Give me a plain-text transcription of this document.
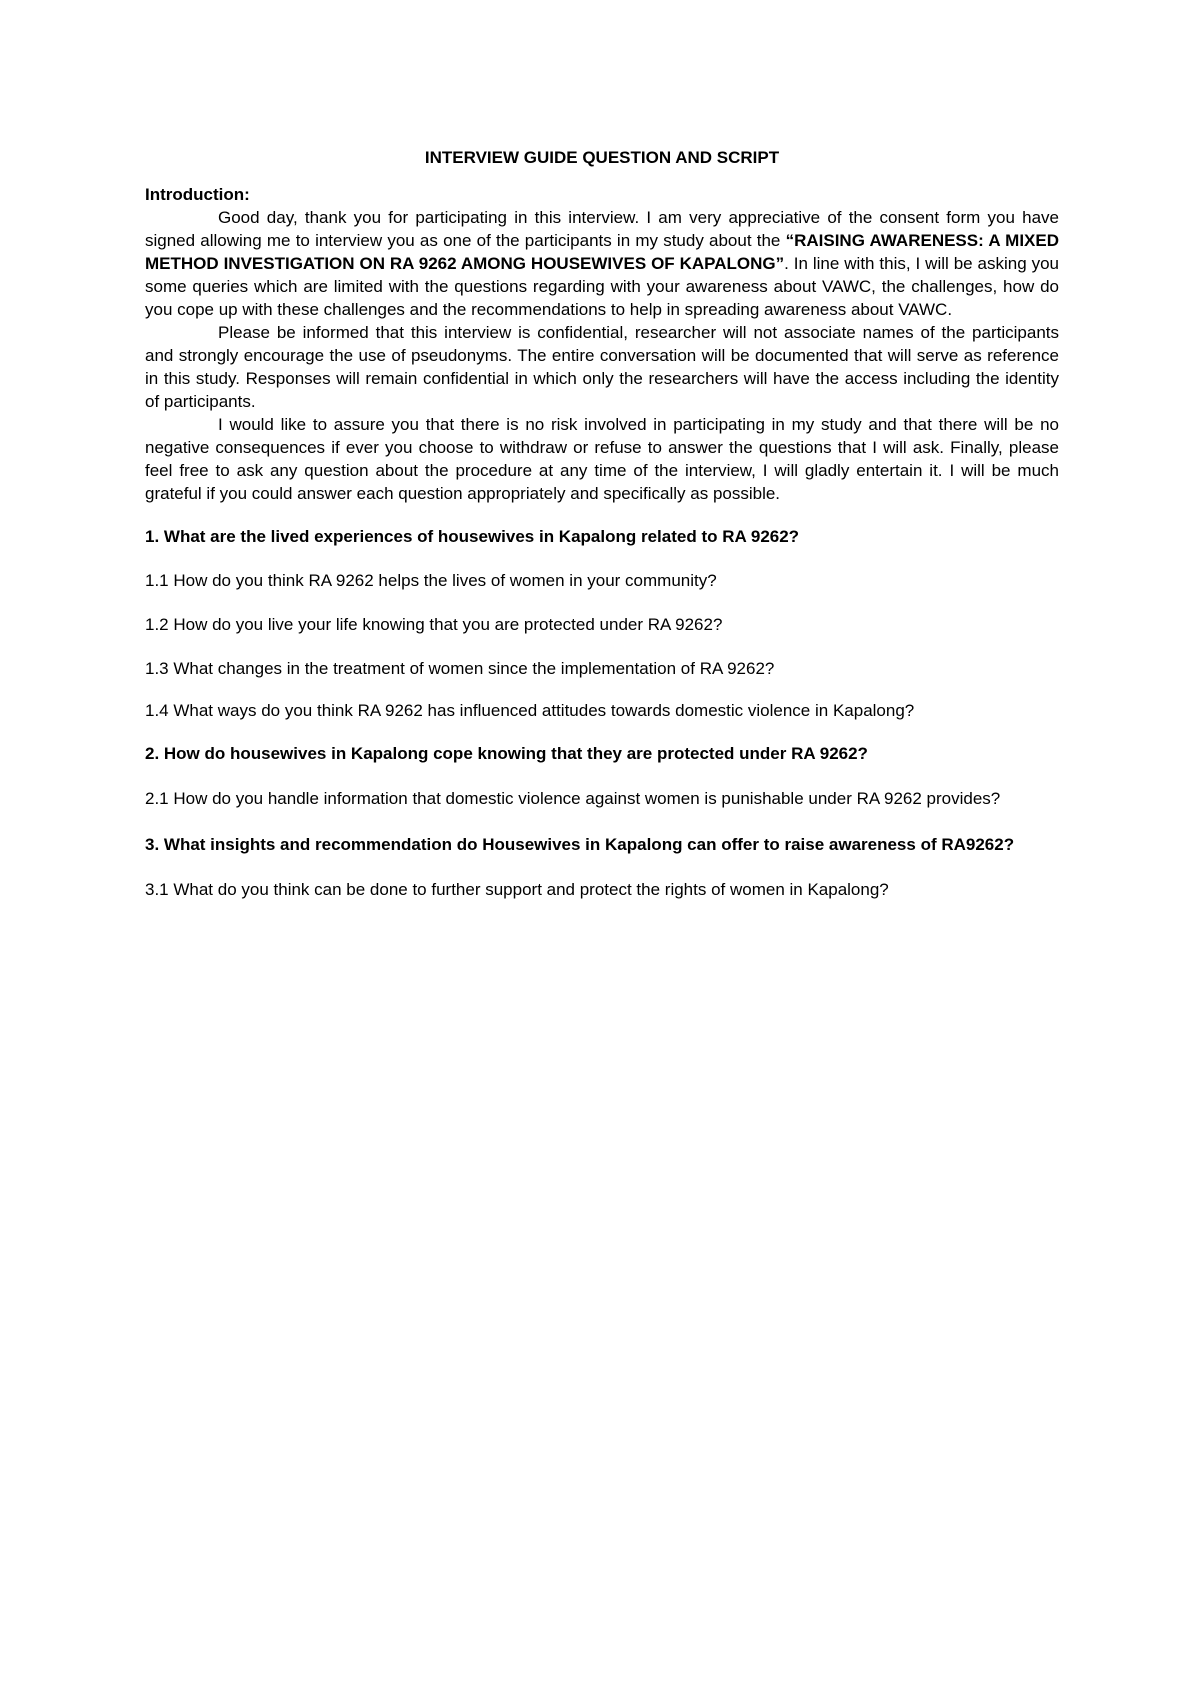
INTERVIEW GUIDE QUESTION AND SCRIPT

Introduction:

Good day, thank you for participating in this interview. I am very appreciative of the consent form you have signed allowing me to interview you as one of the participants in my study about the “RAISING AWARENESS: A MIXED METHOD INVESTIGATION ON RA 9262 AMONG HOUSEWIVES OF KAPALONG”. In line with this, I will be asking you some queries which are limited with the questions regarding with your awareness about VAWC, the challenges, how do you cope up with these challenges and the recommendations to help in spreading awareness about VAWC.

Please be informed that this interview is confidential, researcher will not associate names of the participants and strongly encourage the use of pseudonyms. The entire conversation will be documented that will serve as reference in this study. Responses will remain confidential in which only the researchers will have the access including the identity of participants.

I would like to assure you that there is no risk involved in participating in my study and that there will be no negative consequences if ever you choose to withdraw or refuse to answer the questions that I will ask. Finally, please feel free to ask any question about the procedure at any time of the interview, I will gladly entertain it. I will be much grateful if you could answer each question appropriately and specifically as possible.

1. What are the lived experiences of housewives in Kapalong related to RA 9262?

1.1 How do you think RA 9262 helps the lives of women in your community?

1.2 How do you live your life knowing that you are protected under RA 9262?

1.3 What changes in the treatment of women since the implementation of RA 9262?

1.4 What ways do you think RA 9262 has influenced attitudes towards domestic violence in Kapalong?

2. How do housewives in Kapalong cope knowing that they are protected under RA 9262?

2.1 How do you handle information that domestic violence against women is punishable under RA 9262 provides?

3. What insights and recommendation do Housewives in Kapalong can offer to raise awareness of RA9262?

3.1 What do you think can be done to further support and protect the rights of women in Kapalong?
